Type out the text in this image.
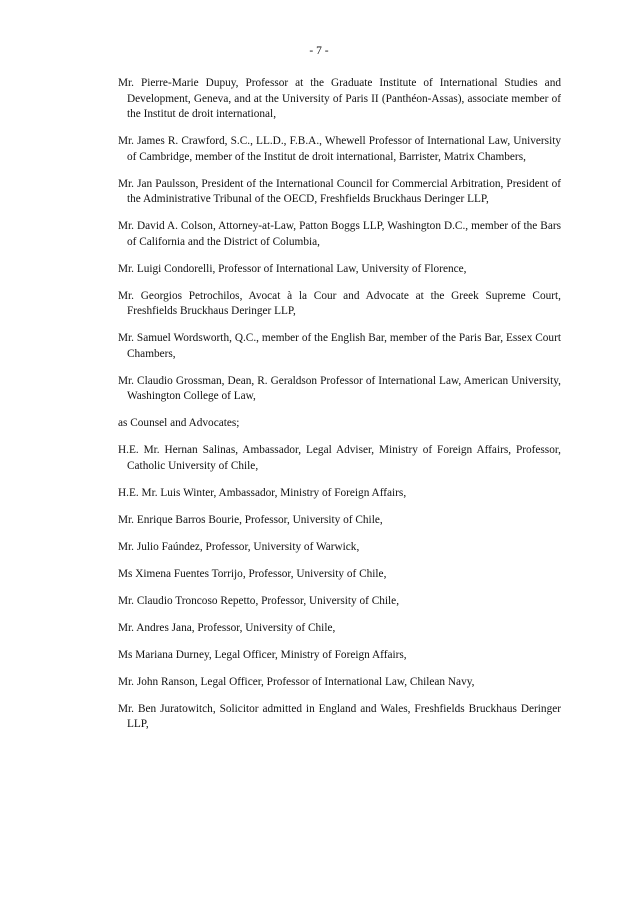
- 7 -

Mr. Pierre-Marie Dupuy, Professor at the Graduate Institute of International Studies and Development, Geneva, and at the University of Paris II (Panthéon-Assas), associate member of the Institut de droit international,

Mr. James R. Crawford, S.C., LL.D., F.B.A., Whewell Professor of International Law, University of Cambridge, member of the Institut de droit international, Barrister, Matrix Chambers,

Mr. Jan Paulsson, President of the International Council for Commercial Arbitration, President of the Administrative Tribunal of the OECD, Freshfields Bruckhaus Deringer LLP,

Mr. David A. Colson, Attorney-at-Law, Patton Boggs LLP, Washington D.C., member of the Bars of California and the District of Columbia,

Mr. Luigi Condorelli, Professor of International Law, University of Florence,

Mr. Georgios Petrochilos, Avocat à la Cour and Advocate at the Greek Supreme Court, Freshfields Bruckhaus Deringer LLP,

Mr. Samuel Wordsworth, Q.C., member of the English Bar, member of the Paris Bar, Essex Court Chambers,

Mr. Claudio Grossman, Dean, R. Geraldson Professor of International Law, American University, Washington College of Law,

as Counsel and Advocates;

H.E. Mr. Hernan Salinas, Ambassador, Legal Adviser, Ministry of Foreign Affairs, Professor, Catholic University of Chile,

H.E. Mr. Luis Winter, Ambassador, Ministry of Foreign Affairs,

Mr. Enrique Barros Bourie, Professor, University of Chile,

Mr. Julio Faúndez, Professor, University of Warwick,

Ms Ximena Fuentes Torrijo, Professor, University of Chile,

Mr. Claudio Troncoso Repetto, Professor, University of Chile,

Mr. Andres Jana, Professor, University of Chile,

Ms Mariana Durney, Legal Officer, Ministry of Foreign Affairs,

Mr. John Ranson, Legal Officer, Professor of International Law, Chilean Navy,

Mr. Ben Juratowitch, Solicitor admitted in England and Wales, Freshfields Bruckhaus Deringer LLP,
